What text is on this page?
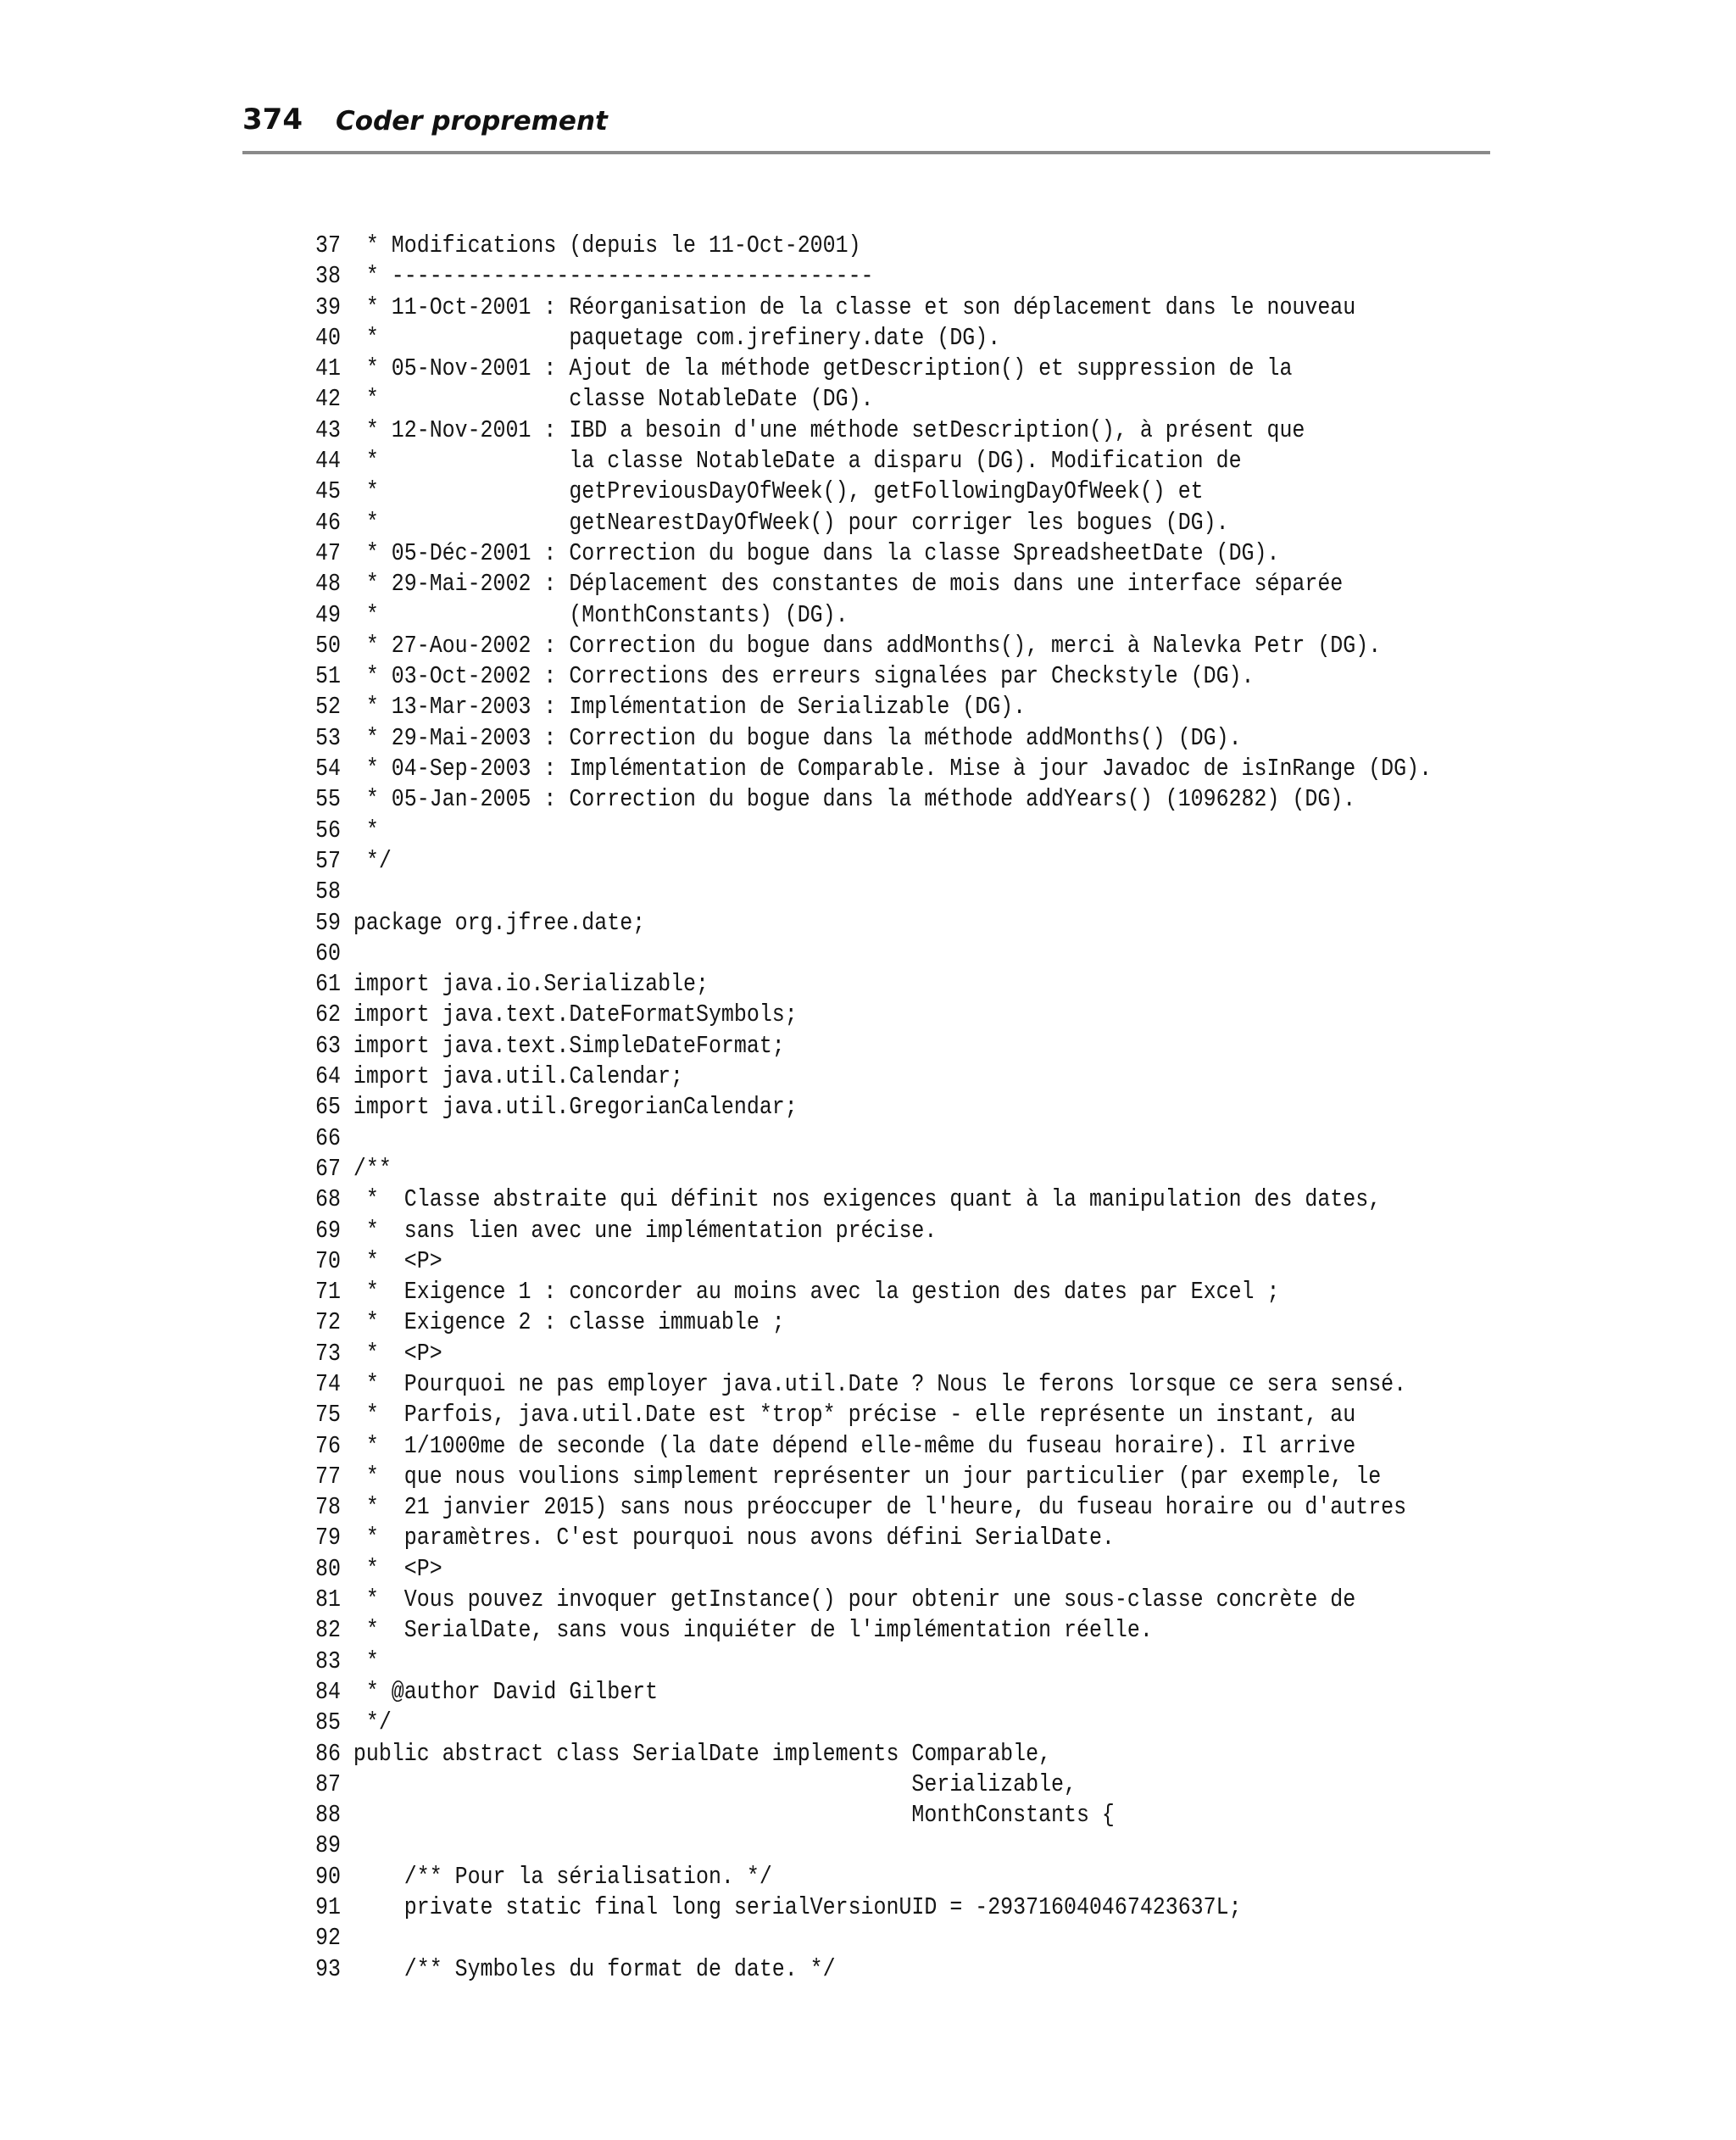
374 Coder proprement
37 * Modifications (depuis le 11-Oct-2001)
38 * --------------------------------------
39 * 11-Oct-2001 : Réorganisation de la classe et son déplacement dans le nouveau
40 *               paquetage com.jrefinery.date (DG).
41 * 05-Nov-2001 : Ajout de la méthode getDescription() et suppression de la
42 *               classe NotableDate (DG).
43 * 12-Nov-2001 : IBD a besoin d'une méthode setDescription(), à présent que
44 *               la classe NotableDate a disparu (DG). Modification de
45 *               getPreviousDayOfWeek(), getFollowingDayOfWeek() et
46 *               getNearestDayOfWeek() pour corriger les bogues (DG).
47 * 05-Déc-2001 : Correction du bogue dans la classe SpreadsheetDate (DG).
48 * 29-Mai-2002 : Déplacement des constantes de mois dans une interface séparée
49 *               (MonthConstants) (DG).
50 * 27-Aou-2002 : Correction du bogue dans addMonths(), merci à Nalevka Petr (DG).
51 * 03-Oct-2002 : Corrections des erreurs signalées par Checkstyle (DG).
52 * 13-Mar-2003 : Implémentation de Serializable (DG).
53 * 29-Mai-2003 : Correction du bogue dans la méthode addMonths() (DG).
54 * 04-Sep-2003 : Implémentation de Comparable. Mise à jour Javadoc de isInRange (DG).
55 * 05-Jan-2005 : Correction du bogue dans la méthode addYears() (1096282) (DG).
56 *
57 */
58
59 package org.jfree.date;
60
61 import java.io.Serializable;
62 import java.text.DateFormatSymbols;
63 import java.text.SimpleDateFormat;
64 import java.util.Calendar;
65 import java.util.GregorianCalendar;
66
67 /**
68 *  Classe abstraite qui définit nos exigences quant à la manipulation des dates,
69 *  sans lien avec une implémentation précise.
70 *  <P>
71 *  Exigence 1 : concorder au moins avec la gestion des dates par Excel ;
72 *  Exigence 2 : classe immuable ;
73 *  <P>
74 *  Pourquoi ne pas employer java.util.Date ? Nous le ferons lorsque ce sera sensé.
75 *  Parfois, java.util.Date est *trop* précise - elle représente un instant, au
76 *  1/1000me de seconde (la date dépend elle-même du fuseau horaire). Il arrive
77 *  que nous voulions simplement représenter un jour particulier (par exemple, le
78 *  21 janvier 2015) sans nous préoccuper de l'heure, du fuseau horaire ou d'autres
79 *  paramètres. C'est pourquoi nous avons défini SerialDate.
80 *  <P>
81 *  Vous pouvez invoquer getInstance() pour obtenir une sous-classe concrète de
82 *  SerialDate, sans vous inquiéter de l'implémentation réelle.
83 *
84 * @author David Gilbert
85 */
86 public abstract class SerialDate implements Comparable,
87 Serializable,
88 MonthConstants {
89
90 /** Pour la sérialisation. */
91 private static final long serialVersionUID = -293716040467423637L;
92
93 /** Symboles du format de date. */
